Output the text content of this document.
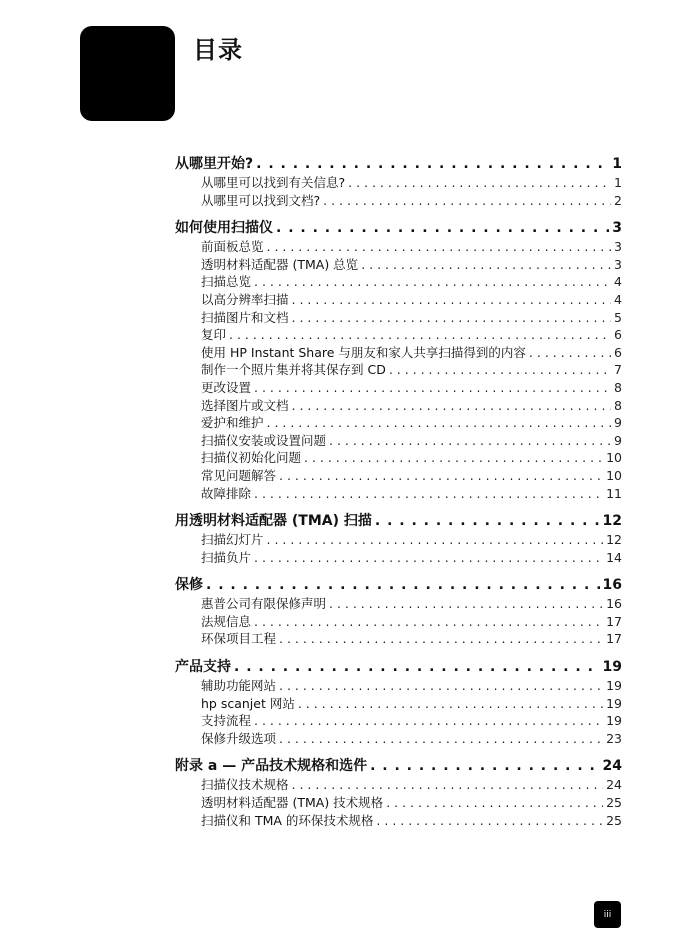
目录
从哪里开始? . . .	1
从哪里可以找到有关信息? . . .	1
从哪里可以找到文档? . . .	2
如何使用扫描仪 . . .	3
前面板总览 . . .	3
透明材料适配器 (TMA) 总览 . . .	3
扫描总览 . . .	4
以高分辨率扫描 . . .	4
扫描图片和文档 . . .	5
复印 . . .	6
使用 HP Instant Share 与朋友和家人共享扫描得到的内容 . . .	6
制作一个照片集并将其保存到 CD . . .	7
更改设置 . . .	8
选择图片或文档 . . .	8
爱护和维护 . . .	9
扫描仪安装或设置问题 . . .	9
扫描仪初始化问题 . . .	10
常见问题解答 . . .	10
故障排除 . . .	11
用透明材料适配器 (TMA) 扫描 . . .	12
扫描幻灯片 . . .	12
扫描负片 . . .	14
保修 . . .	16
惠普公司有限保修声明 . . .	16
法规信息 . . .	17
环保项目工程 . . .	17
产品支持 . . .	19
辅助功能网站 . . .	19
hp scanjet 网站 . . .	19
支持流程 . . .	19
保修升级选项 . . .	23
附录 a — 产品技术规格和选件 . . .	24
扫描仪技术规格 . . .	24
透明材料适配器 (TMA) 技术规格 . . .	25
扫描仪和 TMA 的环保技术规格 . . .	25
iii
